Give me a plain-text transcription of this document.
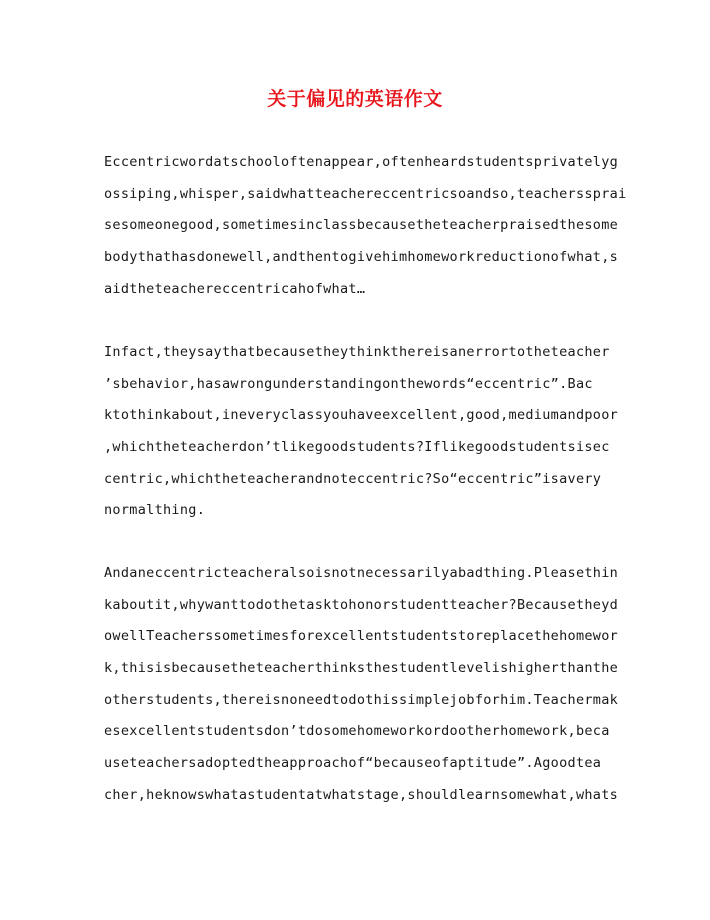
关于偏见的英语作文
Eccentricwordatschooloftenappear,oftenheardstudentsprivatelyg
ossiping,whisper,saidwhatteachereccentricsoandso,teacherssprai
sesomeonegood,sometimesinclassbecausetheteacherpraisedthesome
bodythathasdonewell,andthentogivehimhomeworkreductionofwhat,s
aidtheteachereccentricahofwhat…
Infact,theysaythatbecausetheythinkthereisanerrortotheteacher
’sbehavior,hasawrongunderstandingonthewords“eccentric”.Bac
ktothinkabout,ineveryclassyouhaveexcellent,good,mediumandpoor
,whichtheteacherdon’tlikegoodstudents?Iflikegoodstudentsisec
centric,whichtheteacherandnoteccentric?So“eccentric”isavery
normalthing.
Andaneccentricteacheralsoisnotnecessarilyabadthing.Pleasethin
kaboutit,whywanttodothetasktohonorstudentteacher?Becausetheyd
owellTeacherssometimesforexcellentstudentstoreplacethehomewor
k,thisisbecausetheteacherthinksthestudentlevelishigherthanthe
otherstudents,thereisnoneedtodothissimplejobforhim.Teachermak
esexcellentstudentsdon’tdosomehomeworkordootherhomework,beca
useteachersadoptedtheapproachof“becauseofaptitude”.Agoodtea
cher,heknowswhatastudentatwhatstage,shouldlearnsomewhat,whats
